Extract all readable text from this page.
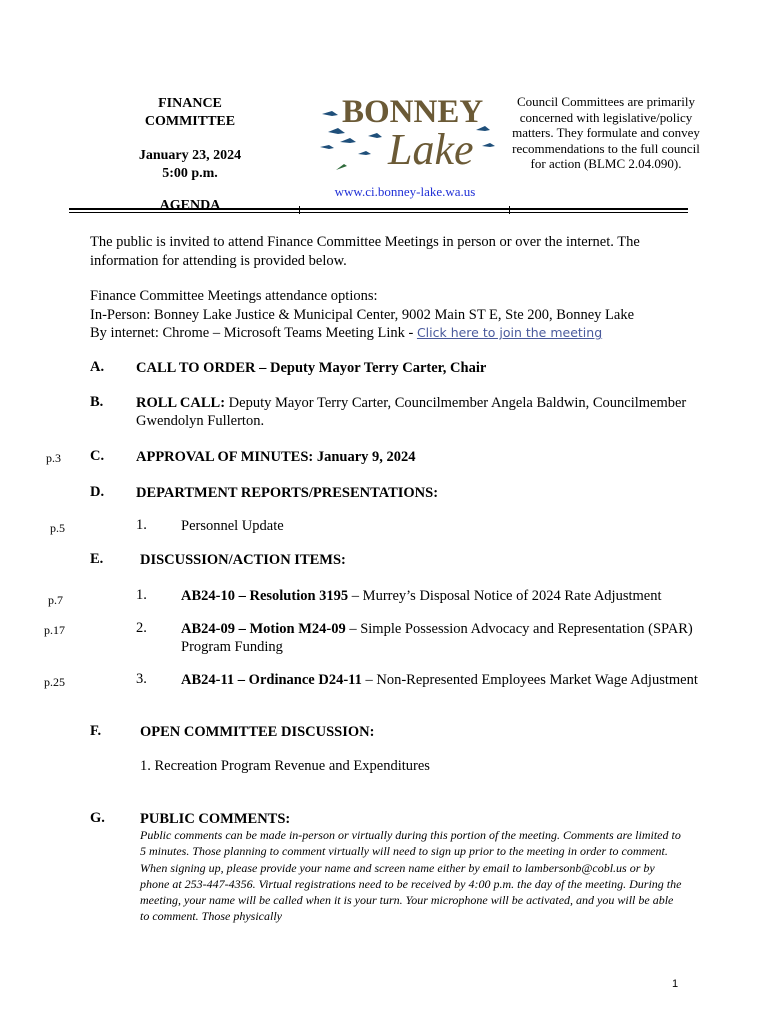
FINANCE
COMMITTEE
January 23, 2024
5:00 p.m.
AGENDA
BONNEY
Lake
www.ci.bonney-lake.wa.us
Council Committees are primarily concerned with legislative/policy matters. They formulate and convey recommendations to the full council for action (BLMC 2.04.090).
The public is invited to attend Finance Committee Meetings in person or over the internet. The information for attending is provided below.
Finance Committee Meetings attendance options:
In-Person: Bonney Lake Justice & Municipal Center, 9002 Main ST E, Ste 200, Bonney Lake
By internet: Chrome – Microsoft Teams Meeting Link - Click here to join the meeting
A. CALL TO ORDER – Deputy Mayor Terry Carter, Chair
B. ROLL CALL: Deputy Mayor Terry Carter, Councilmember Angela Baldwin, Councilmember Gwendolyn Fullerton.
p.3 C. APPROVAL OF MINUTES: January 9, 2024
D. DEPARTMENT REPORTS/PRESENTATIONS:
p.5	1. Personnel Update
E.	DISCUSSION/ACTION ITEMS:
p.7	1. AB24-10 – Resolution 3195 – Murrey’s Disposal Notice of 2024 Rate Adjustment
p.17	2. AB24-09 – Motion M24-09 – Simple Possession Advocacy and Representation (SPAR) Program Funding
p.25	3. AB24-11 – Ordinance D24-11 – Non-Represented Employees Market Wage Adjustment
F.	OPEN COMMITTEE DISCUSSION:
1. Recreation Program Revenue and Expenditures
G. PUBLIC COMMENTS:
Public comments can be made in-person or virtually during this portion of the meeting. Comments are limited to 5 minutes. Those planning to comment virtually will need to sign up prior to the meeting in order to comment. When signing up, please provide your name and screen name either by email to lambersonb@cobl.us or by phone at 253-447-4356. Virtual registrations need to be received by 4:00 p.m. the day of the meeting. During the meeting, your name will be called when it is your turn. Your microphone will be activated, and you will be able to comment. Those physically
1
